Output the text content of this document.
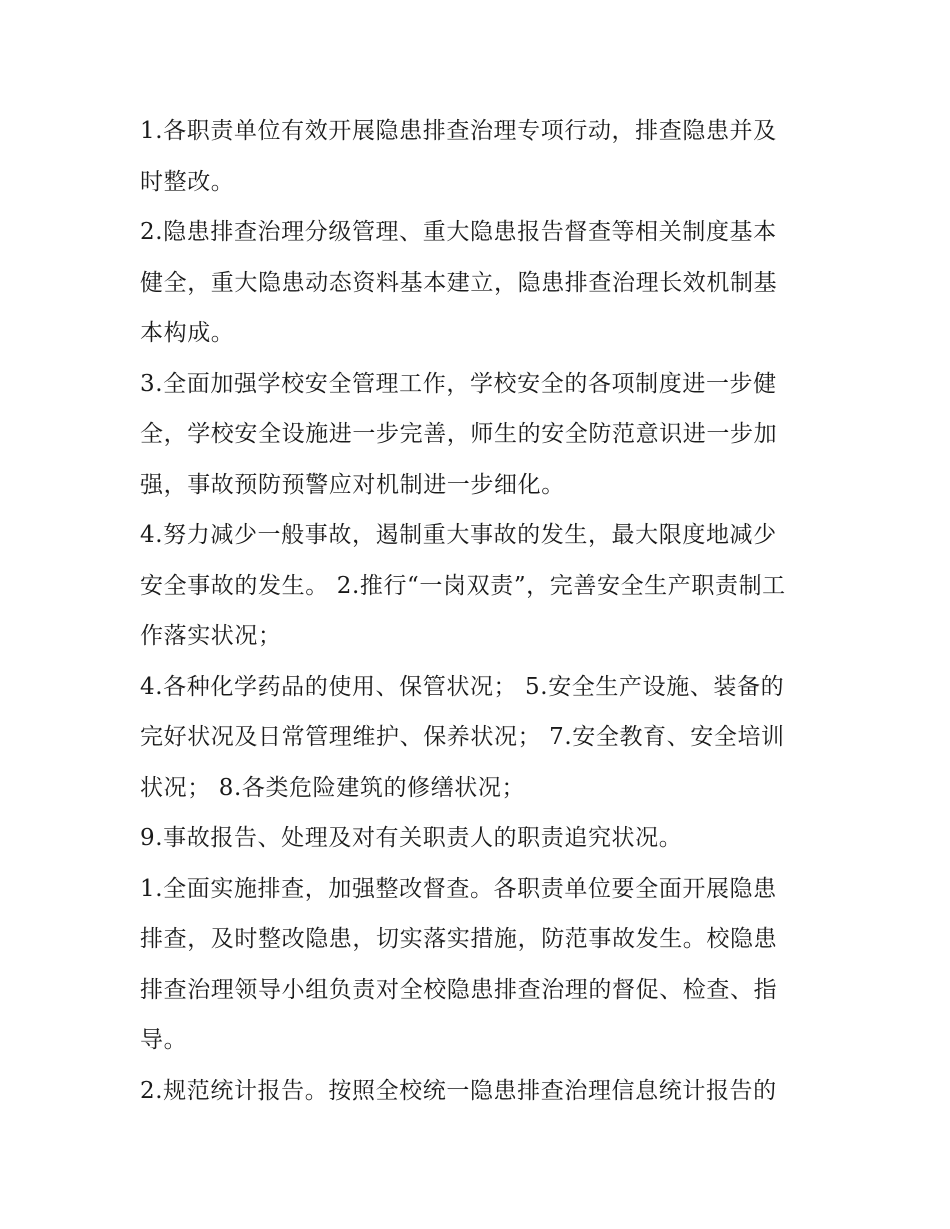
1.各职责单位有效开展隐患排查治理专项行动，排查隐患并及
时整改。

2.隐患排查治理分级管理、重大隐患报告督查等相关制度基本
健全，重大隐患动态资料基本建立，隐患排查治理长效机制基
本构成。

3.全面加强学校安全管理工作，学校安全的各项制度进一步健
全，学校安全设施进一步完善，师生的安全防范意识进一步加
强，事故预防预警应对机制进一步细化。

4.努力减少一般事故，遏制重大事故的发生，最大限度地减少
安全事故的发生。 2.推行“一岗双责”，完善安全生产职责制工
作落实状况；

4.各种化学药品的使用、保管状况； 5.安全生产设施、装备的
完好状况及日常管理维护、保养状况； 7.安全教育、安全培训
状况； 8.各类危险建筑的修缮状况；

9.事故报告、处理及对有关职责人的职责追究状况。

1.全面实施排查，加强整改督查。各职责单位要全面开展隐患
排查，及时整改隐患，切实落实措施，防范事故发生。校隐患
排查治理领导小组负责对全校隐患排查治理的督促、检查、指
导。

2.规范统计报告。按照全校统一隐患排查治理信息统计报告的
